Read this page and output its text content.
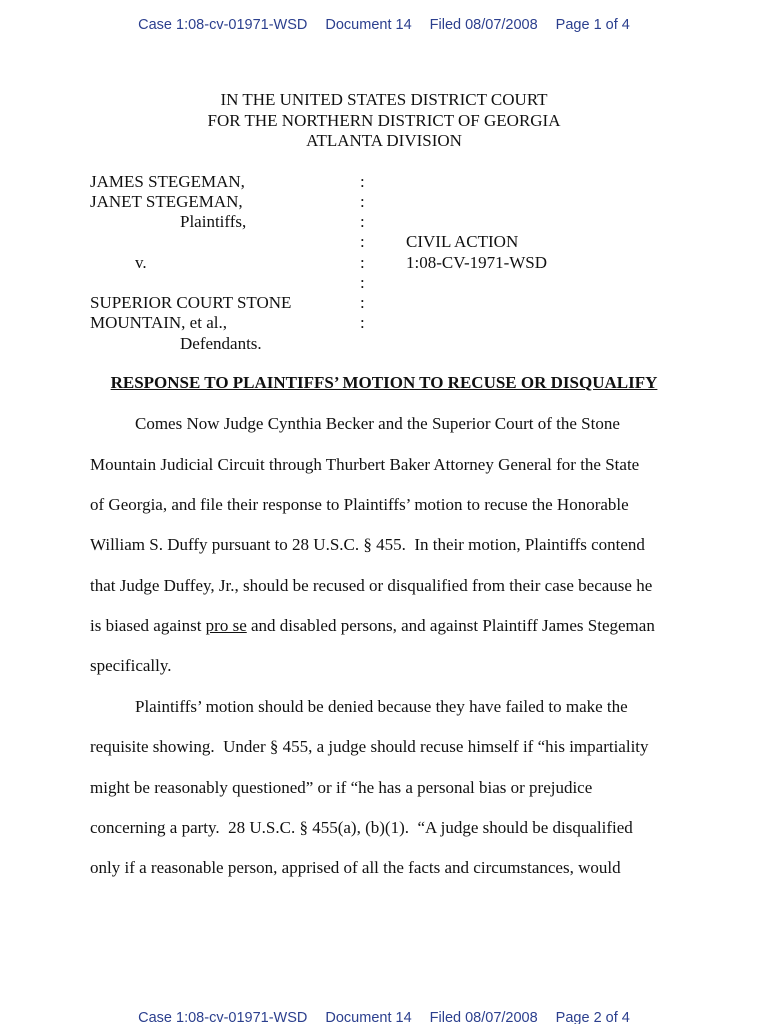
Case 1:08-cv-01971-WSD Document 14 Filed 08/07/2008 Page 1 of 4
IN THE UNITED STATES DISTRICT COURT
FOR THE NORTHERN DISTRICT OF GEORGIA
ATLANTA DIVISION
JAMES STEGEMAN,
JANET STEGEMAN,
Plaintiffs,
v.
SUPERIOR COURT STONE
MOUNTAIN, et al.,
Defendants.
:
:
:
:
:
:
:
:
CIVIL ACTION
1:08-CV-1971-WSD
RESPONSE TO PLAINTIFFS’ MOTION TO RECUSE OR DISQUALIFY
Comes Now Judge Cynthia Becker and the Superior Court of the Stone
Mountain Judicial Circuit through Thurbert Baker Attorney General for the State
of Georgia, and file their response to Plaintiffs’ motion to recuse the Honorable
William S. Duffy pursuant to 28 U.S.C. § 455.  In their motion, Plaintiffs contend
that Judge Duffey, Jr., should be recused or disqualified from their case because he
is biased against pro se and disabled persons, and against Plaintiff James Stegeman
specifically.
Plaintiffs’ motion should be denied because they have failed to make the
requisite showing.  Under § 455, a judge should recuse himself if “his impartiality
might be reasonably questioned” or if “he has a personal bias or prejudice
concerning a party.  28 U.S.C. § 455(a), (b)(1).  “A judge should be disqualified
only if a reasonable person, apprised of all the facts and circumstances, would
Case 1:08-cv-01971-WSD Document 14 Filed 08/07/2008 Page 2 of 4
